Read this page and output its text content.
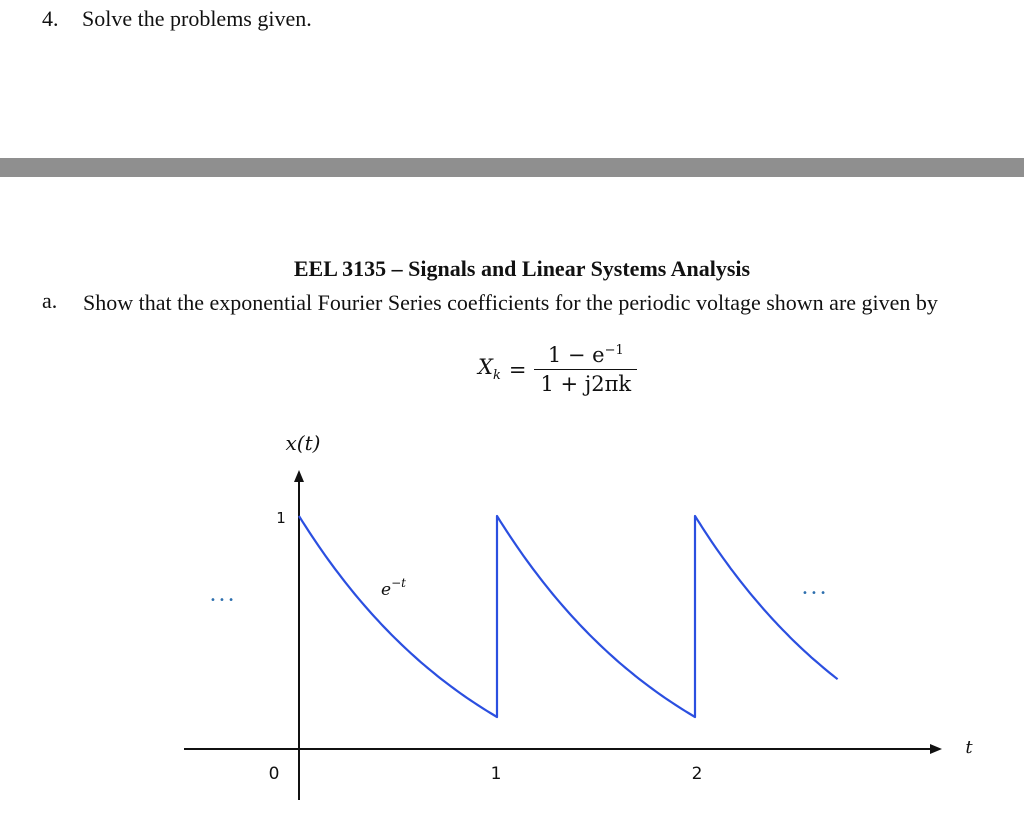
4. Solve the problems given.
EEL 3135 – Signals and Linear Systems Analysis
a. Show that the exponential Fourier Series coefficients for the periodic voltage shown are given by
$X_k = \frac{1 - e^{-1}}{1 + j2\pi k}$
x(t)
t
1
0	1	2
$e^{-t}$
• • •
• • •
